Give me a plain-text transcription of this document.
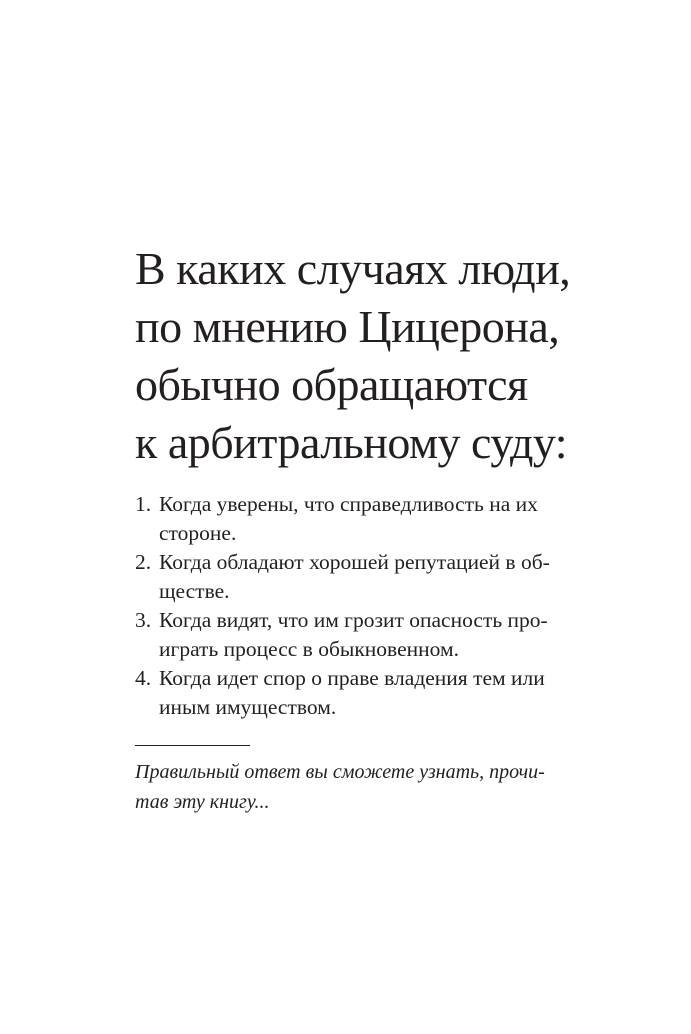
В каких случаях люди,
по мнению Цицерона,
обычно обращаются
к арбитральному суду:
1. Когда уверены, что справедливость на их
стороне.
2. Когда обладают хорошей репутацией в об-
ществе.
3. Когда видят, что им грозит опасность про-
играть процесс в обыкновенном.
4. Когда идет спор о праве владения тем или
иным имуществом.

Правильный ответ вы сможете узнать, прочи-
тав эту книгу...
